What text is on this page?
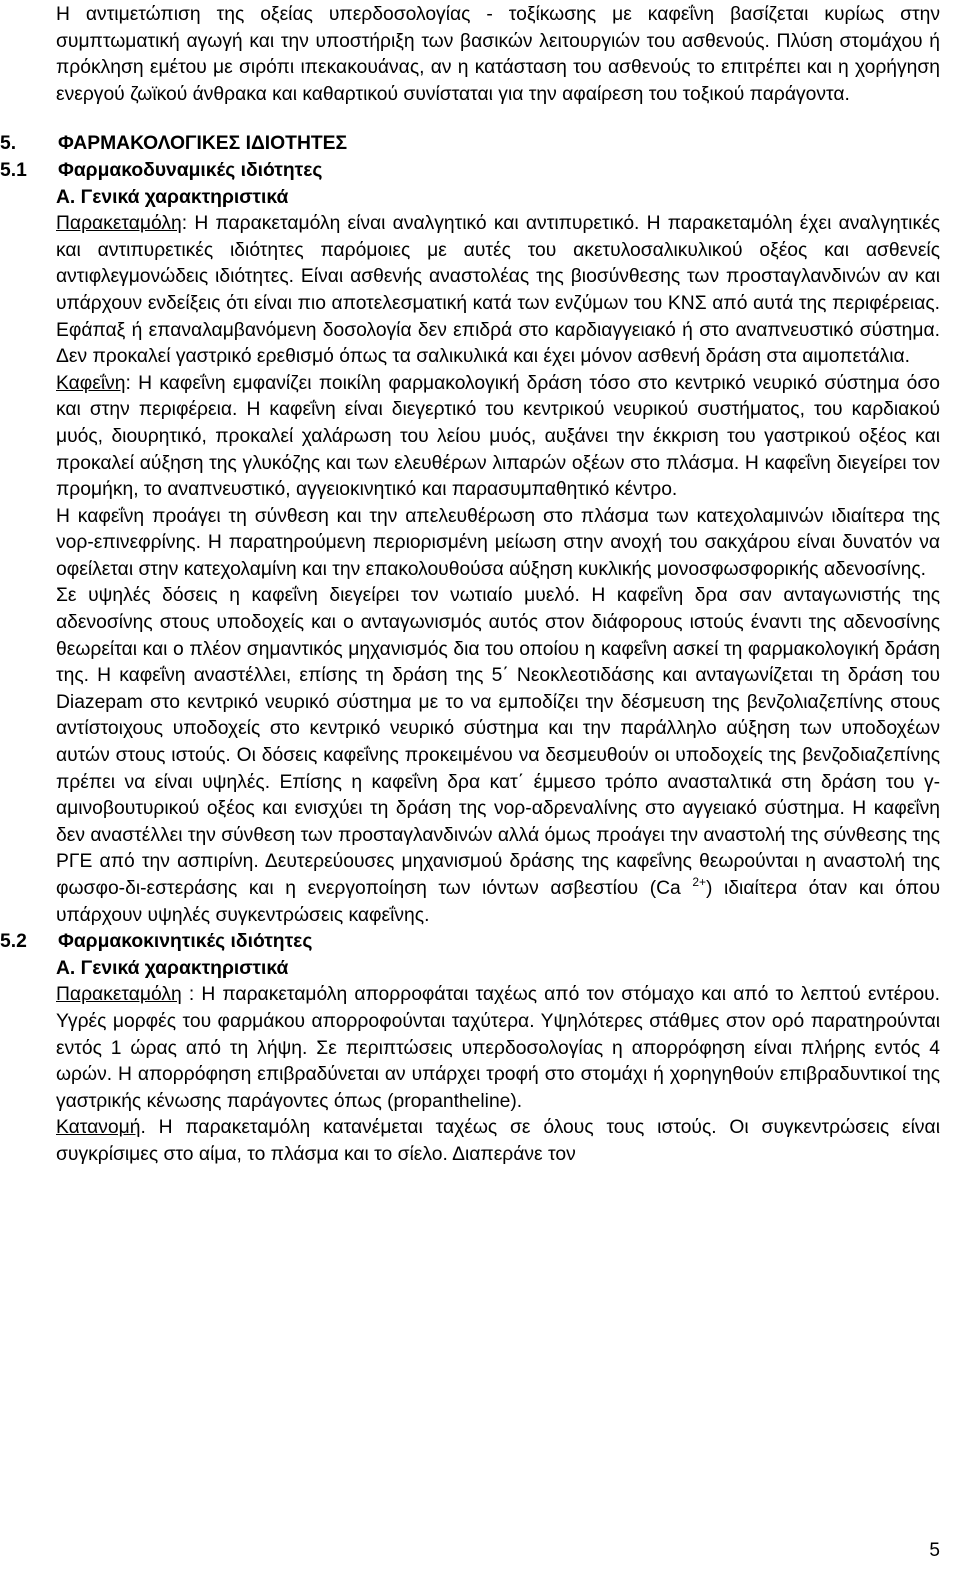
Η αντιμετώπιση της οξείας υπερδοσολογίας - τοξίκωσης με καφεΐνη βασίζεται κυρίως στην συμπτωματική αγωγή και την υποστήριξη των βασικών λειτουργιών του ασθενούς. Πλύση στομάχου ή πρόκληση εμέτου με σιρόπι ιπεκακουάνας, αν η κατάσταση του ασθενούς το επιτρέπει και η χορήγηση ενεργού ζωϊκού άνθρακα και καθαρτικού συνίσταται για την αφαίρεση του τοξικού παράγοντα.

5. ΦΑΡΜΑΚΟΛΟΓΙΚΕΣ ΙΔΙΟΤΗΤΕΣ
5.1 Φαρμακοδυναμικές ιδιότητες
Α. Γενικά χαρακτηριστικά

Παρακεταμόλη: Η παρακεταμόλη είναι αναλγητικό και αντιπυρετικό. Η παρακεταμόλη έχει αναλγητικές και αντιπυρετικές ιδιότητες παρόμοιες με αυτές του ακετυλοσαλικυλικού οξέος και ασθενείς αντιφλεγμονώδεις ιδιότητες. Είναι ασθενής αναστολέας της βιοσύνθεσης των προσταγλανδινών αν και υπάρχουν ενδείξεις ότι είναι πιο αποτελεσματική κατά των ενζύμων του ΚΝΣ από αυτά της περιφέρειας. Εφάπαξ ή επαναλαμβανόμενη δοσολογία δεν επιδρά στο καρδιαγγειακό ή στο αναπνευστικό σύστημα. Δεν προκαλεί γαστρικό ερεθισμό όπως τα σαλικυλικά και έχει μόνον ασθενή δράση στα αιμοπετάλια.

Καφεΐνη: Η καφεΐνη εμφανίζει ποικίλη φαρμακολογική δράση τόσο στο κεντρικό νευρικό σύστημα όσο και στην περιφέρεια. Η καφεΐνη είναι διεγερτικό του κεντρικού νευρικού συστήματος, του καρδιακού μυός, διουρητικό, προκαλεί χαλάρωση του λείου μυός, αυξάνει την έκκριση του γαστρικού οξέος και προκαλεί αύξηση της γλυκόζης και των ελευθέρων λιπαρών οξέων στο πλάσμα. Η καφεΐνη διεγείρει τον προμήκη, το αναπνευστικό, αγγειοκινητικό και παρασυμπαθητικό κέντρο.

Η καφεΐνη προάγει τη σύνθεση και την απελευθέρωση στο πλάσμα των κατεχολαμινών ιδιαίτερα της νορ-επινεφρίνης. Η παρατηρούμενη περιορισμένη μείωση στην ανοχή του σακχάρου είναι δυνατόν να οφείλεται στην κατεχολαμίνη και την επακολουθούσα αύξηση κυκλικής μονοσφωσφορικής αδενοσίνης.

Σε υψηλές δόσεις η καφεΐνη διεγείρει τον νωτιαίο μυελό. Η καφεΐνη δρα σαν ανταγωνιστής της αδενοσίνης στους υποδοχείς και ο ανταγωνισμός αυτός στον διάφορους ιστούς έναντι της αδενοσίνης θεωρείται και ο πλέον σημαντικός μηχανισμός δια του οποίου η καφεΐνη ασκεί τη φαρμακολογική δράση της. Η καφεΐνη αναστέλλει, επίσης τη δράση της 5΄ Νεοκλεοτιδάσης και ανταγωνίζεται τη δράση του Diazepam στο κεντρικό νευρικό σύστημα με το να εμποδίζει την δέσμευση της βενζολιαζεπίνης στους αντίστοιχους υποδοχείς στο κεντρικό νευρικό σύστημα και την παράλληλο αύξηση των υποδοχέων αυτών στους ιστούς. Οι δόσεις καφεΐνης προκειμένου να δεσμευθούν οι υποδοχείς της βενζοδιαζεπίνης πρέπει να είναι υψηλές. Επίσης η καφεΐνη δρα κατ΄ έμμεσο τρόπο ανασταλτικά στη δράση του γ-αμινοβουτυρικού οξέος και ενισχύει τη δράση της νορ-αδρεναλίνης στο αγγειακό σύστημα. Η καφεΐνη δεν αναστέλλει την σύνθεση των προσταγλανδινών αλλά όμως προάγει την αναστολή της σύνθεσης της ΡΓΕ από την ασπιρίνη. Δευτερεύουσες μηχανισμού δράσης της καφεΐνης θεωρούνται η αναστολή της φωσφο-δι-εστεράσης και η ενεργοποίηση των ιόντων ασβεστίου (Ca $^{2+}$) ιδιαίτερα όταν και όπου υπάρχουν υψηλές συγκεντρώσεις καφεΐνης.

5.2 Φαρμακοκινητικές ιδιότητες
Α. Γενικά χαρακτηριστικά

Παρακεταμόλη : Η παρακεταμόλη απορροφάται ταχέως από τον στόμαχο και από το λεπτού εντέρου. Υγρές μορφές του φαρμάκου απορροφούνται ταχύτερα. Υψηλότερες στάθμες στον ορό παρατηρούνται εντός 1 ώρας από τη λήψη. Σε περιπτώσεις υπερδοσολογίας η απορρόφηση είναι πλήρης εντός 4 ωρών. Η απορρόφηση επιβραδύνεται αν υπάρχει τροφή στο στομάχι ή χορηγηθούν επιβραδυντικοί της γαστρικής κένωσης παράγοντες όπως (propantheline).

Κατανομή. Η παρακεταμόλη κατανέμεται ταχέως σε όλους τους ιστούς. Οι συγκεντρώσεις είναι συγκρίσιμες στο αίμα, το πλάσμα και το σίελο. Διαπεράνε τον

5
